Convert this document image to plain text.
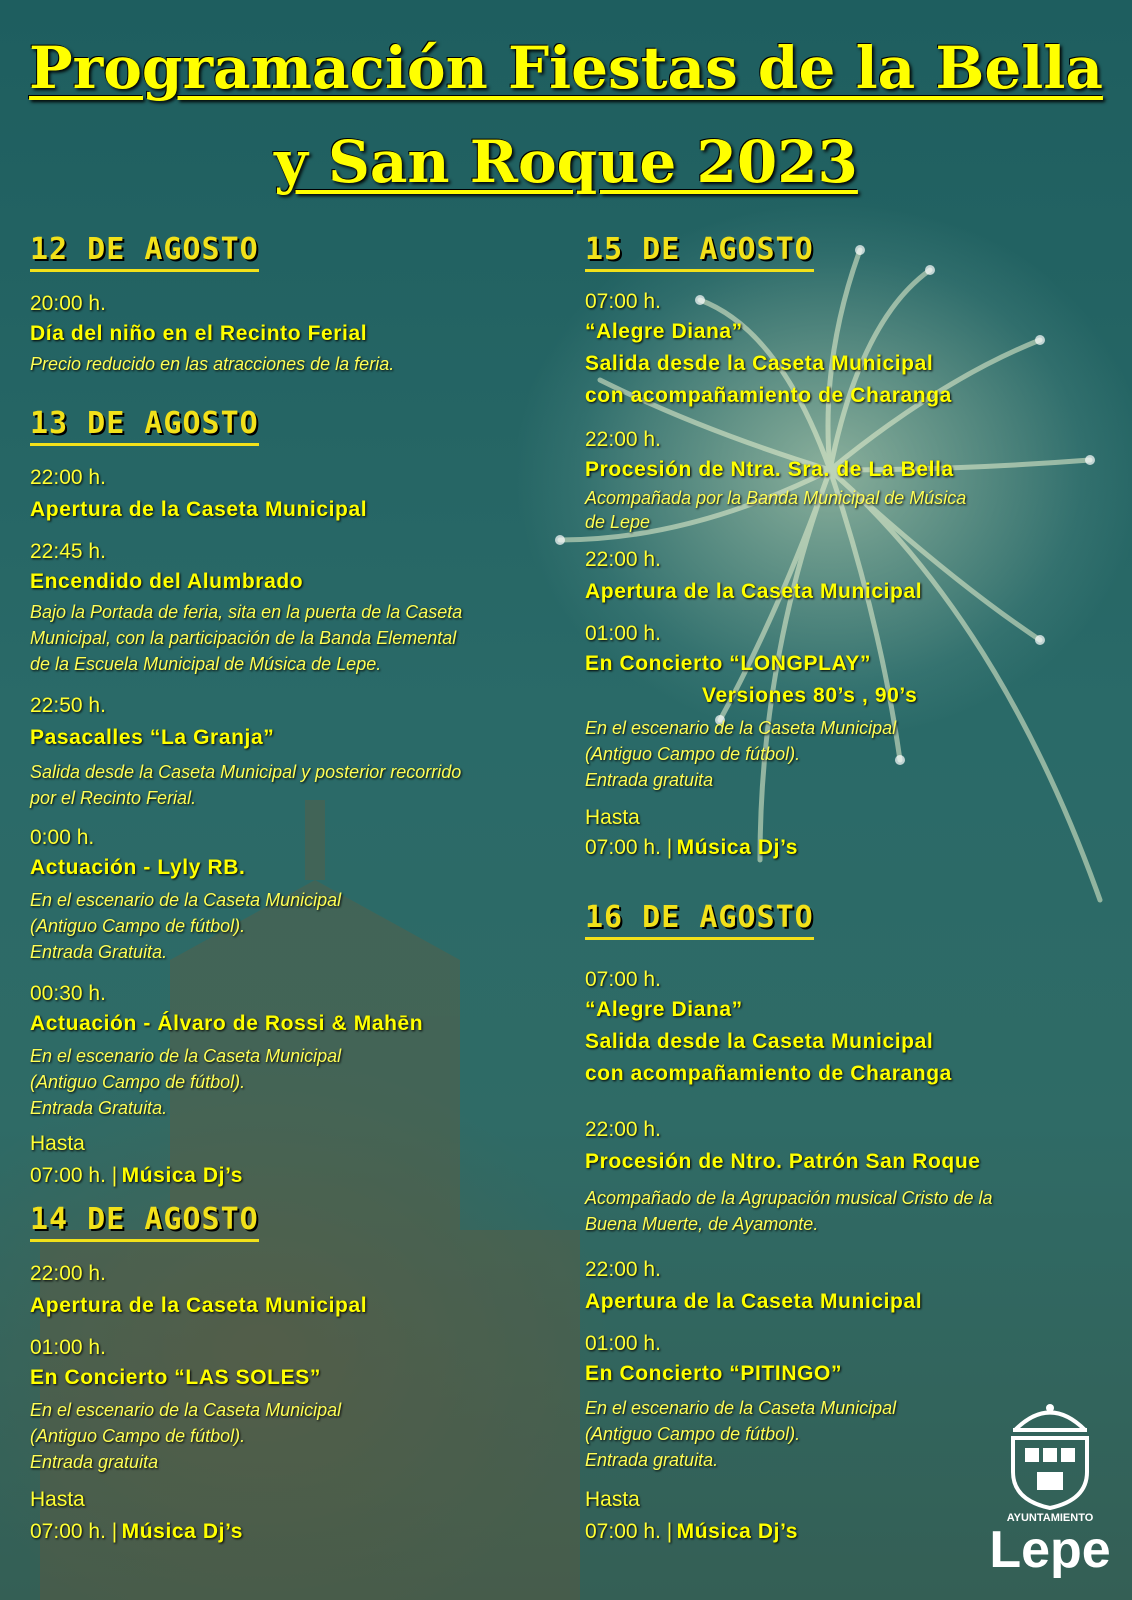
Programación Fiestas de la Bella
y San Roque 2023
12 DE AGOSTO
20:00 h.
Día del niño en el Recinto Ferial
Precio reducido en las atracciones de la feria.
13 DE AGOSTO
22:00 h.
Apertura de la Caseta Municipal
22:45 h.
Encendido del Alumbrado
Bajo la Portada de feria, sita en la puerta de la Caseta
Municipal, con la participación de la Banda Elemental
de la Escuela Municipal de Música de Lepe.
22:50 h.
Pasacalles “La Granja”
Salida desde la Caseta Municipal y posterior recorrido
por el Recinto Ferial.
0:00 h.
Actuación - Lyly RB.
En el escenario de la Caseta Municipal
(Antiguo Campo de fútbol).
Entrada Gratuita.
00:30 h.
Actuación - Álvaro de Rossi & Mahēn
En el escenario de la Caseta Municipal
(Antiguo Campo de fútbol).
Entrada Gratuita.
Hasta
07:00 h. | Música Dj’s
14 DE AGOSTO
22:00 h.
Apertura de la Caseta Municipal
01:00 h.
En Concierto “LAS SOLES”
En el escenario de la Caseta Municipal
(Antiguo Campo de fútbol).
Entrada gratuita
Hasta
07:00 h. | Música Dj’s
15 DE AGOSTO
07:00 h.
“Alegre Diana”
Salida desde la Caseta Municipal
con acompañamiento de Charanga
22:00 h.
Procesión de Ntra. Sra. de La Bella
Acompañada por la Banda Municipal de Música
de Lepe
22:00 h.
Apertura de la Caseta Municipal
01:00 h.
En Concierto “LONGPLAY”
Versiones 80’s , 90’s
En el escenario de la Caseta Municipal
(Antiguo Campo de fútbol).
Entrada gratuita
Hasta
07:00 h. | Música Dj’s
16 DE AGOSTO
07:00 h.
“Alegre Diana”
Salida desde la Caseta Municipal
con acompañamiento de Charanga
22:00 h.
Procesión de Ntro. Patrón San Roque
Acompañado de la Agrupación musical Cristo de la
Buena Muerte, de Ayamonte.
22:00 h.
Apertura de la Caseta Municipal
01:00 h.
En Concierto “PITINGO”
En el escenario de la Caseta Municipal
(Antiguo Campo de fútbol).
Entrada gratuita.
Hasta
07:00 h. | Música Dj’s
AYUNTAMIENTO
Lepe
